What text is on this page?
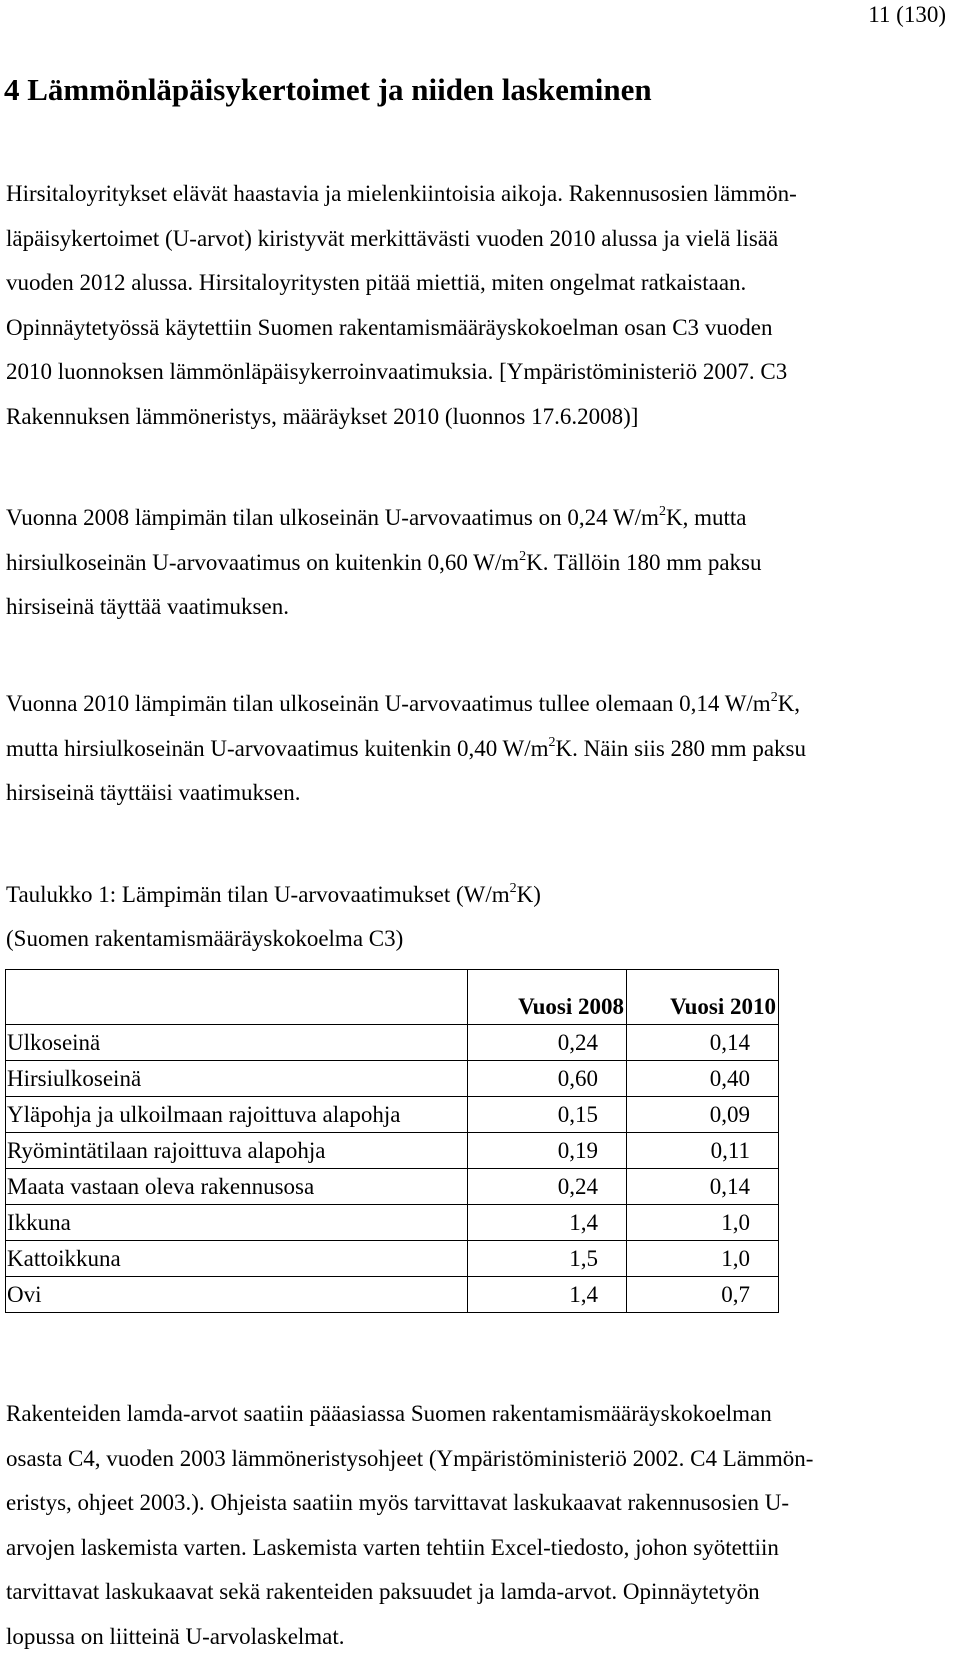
11 (130)
4 Lämmönläpäisykertoimet ja niiden laskeminen
Hirsitaloyritykset elävät haastavia ja mielenkiintoisia aikoja. Rakennusosien lämmön-
läpäisykertoimet (U-arvot) kiristyvät merkittävästi vuoden 2010 alussa ja vielä lisää
vuoden 2012 alussa. Hirsitaloyritysten pitää miettiä, miten ongelmat ratkaistaan.
Opinnäytetyössä käytettiin Suomen rakentamismääräyskokoelman osan C3 vuoden
2010 luonnoksen lämmönläpäisykerroinvaatimuksia. [Ympäristöministeriö 2007. C3
Rakennuksen lämmöneristys, määräykset 2010 (luonnos 17.6.2008)]
Vuonna 2008 lämpimän tilan ulkoseinän U-arvovaatimus on 0,24 $W/m^2K$, mutta
hirsiulkoseinän U-arvovaatimus on kuitenkin 0,60 $W/m^2K$. Tällöin 180 mm paksu
hirsiseinä täyttää vaatimuksen.
Vuonna 2010 lämpimän tilan ulkoseinän U-arvovaatimus tullee olemaan 0,14 $W/m^2K$,
mutta hirsiulkoseinän U-arvovaatimus kuitenkin 0,40 $W/m^2K$. Näin siis 280 mm paksu
hirsiseinä täyttäisi vaatimuksen.
Taulukko 1: Lämpimän tilan U-arvovaatimukset $(W/m^2K)$
(Suomen rakentamismääräyskokoelma C3)
	Vuosi 2008	Vuosi 2010
Ulkoseinä	0,24	0,14
Hirsiulkoseinä	0,60	0,40
Yläpohja ja ulkoilmaan rajoittuva alapohja	0,15	0,09
Ryömintätilaan rajoittuva alapohja	0,19	0,11
Maata vastaan oleva rakennusosa	0,24	0,14
Ikkuna	1,4	1,0
Kattoikkuna	1,5	1,0
Ovi	1,4	0,7
Rakenteiden lamda-arvot saatiin pääasiassa Suomen rakentamismääräyskokoelman
osasta C4, vuoden 2003 lämmöneristysohjeet (Ympäristöministeriö 2002. C4 Lämmön-
eristys, ohjeet 2003.). Ohjeista saatiin myös tarvittavat laskukaavat rakennusosien U-
arvojen laskemista varten. Laskemista varten tehtiin Excel-tiedosto, johon syötettiin
tarvittavat laskukaavat sekä rakenteiden paksuudet ja lamda-arvot. Opinnäytetyön
lopussa on liitteinä U-arvolaskelmat.
